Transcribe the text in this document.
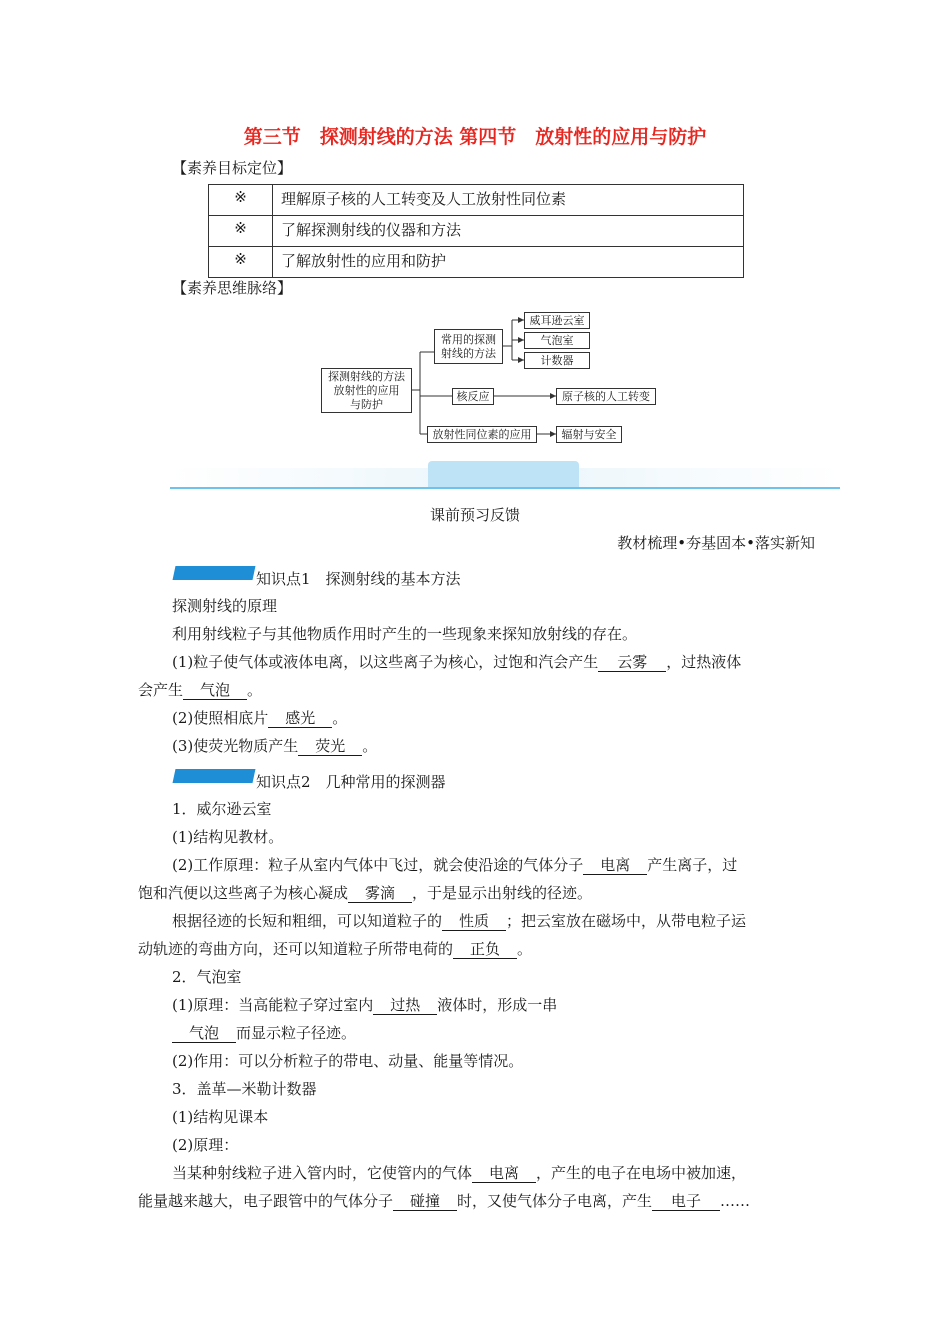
第三节　探测射线的方法 第四节　放射性的应用与防护
【素养目标定位】
※	理解原子核的人工转变及人工放射性同位素
※	了解探测射线的仪器和方法
※	了解放射性的应用和防护
【素养思维脉络】
探测射线的方法
放射性的应用
与防护
常用的探测
射线的方法
威耳逊云室
气泡室
计数器
核反应	原子核的人工转变
放射性同位素的应用	辐射与安全
课前预习反馈
教材梳理•夯基固本•落实新知
知识点1　探测射线的基本方法
探测射线的原理
利用射线粒子与其他物质作用时产生的一些现象来探知放射线的存在。
(1)粒子使气体或液体电离，以这些离子为核心，过饱和汽会产生 云雾 ，过热液体
会产生 气泡 。
(2)使照相底片 感光 。
(3)使荧光物质产生 荧光 。
知识点2　几种常用的探测器
1．威尔逊云室
(1)结构见教材。
(2)工作原理：粒子从室内气体中飞过，就会使沿途的气体分子 电离 产生离子，过
饱和汽便以这些离子为核心凝成 雾滴 ，于是显示出射线的径迹。
根据径迹的长短和粗细，可以知道粒子的 性质 ；把云室放在磁场中，从带电粒子运
动轨迹的弯曲方向，还可以知道粒子所带电荷的 正负 。
2．气泡室
(1)原理：当高能粒子穿过室内 过热 液体时，形成一串
气泡 而显示粒子径迹。
(2)作用：可以分析粒子的带电、动量、能量等情况。
3．盖革—米勒计数器
(1)结构见课本
(2)原理：
当某种射线粒子进入管内时，它使管内的气体 电离 ，产生的电子在电场中被加速，
能量越来越大，电子跟管中的气体分子 碰撞 时，又使气体分子电离，产生 电子 ……
